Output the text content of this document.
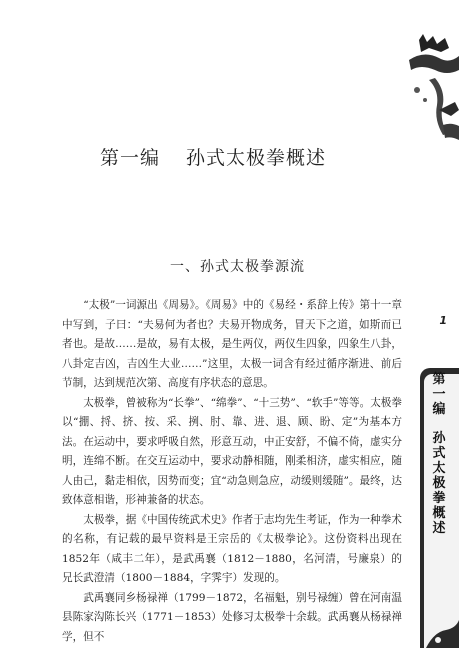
第一编 孙式太极拳概述
一、孙式太极拳源流

“太极”一词源出《周易》。《周易》中的《易经・系辞上传》第十一章中写到，子曰：“夫易何为者也？夫易开物成务，冒天下之道，如斯而已者也。是故……是故，易有太极，是生两仪，两仪生四象，四象生八卦，八卦定吉凶，吉凶生大业……”这里，太极一词含有经过循序渐进、前后节制，达到规范次第、高度有序状态的意思。

太极拳，曾被称为“长拳”、“绵拳”、“十三势”、“软手”等等。太极拳以“掤、捋、挤、按、采、挒、肘、靠、进、退、顾、盼、定”为基本方法。在运动中，要求呼吸自然，形意互动，中正安舒，不偏不倚，虚实分明，连绵不断。在交互运动中，要求动静相随，刚柔相济，虚实相应，随人由己，黏走相依，因势而变；宜“动急则急应，动缓则缓随”。最终，达致体意相谐，形神兼备的状态。

太极拳，据《中国传统武术史》作者于志均先生考证，作为一种拳术的名称，有记载的最早资料是王宗岳的《太极拳论》。这份资料出现在1852年（咸丰二年），是武禹襄（1812－1880，名河清，号廉泉）的兄长武澄清（1800－1884，字霁宇）发现的。

武禹襄同乡杨禄禅（1799－1872，名福魁，别号禄缠）曾在河南温县陈家沟陈长兴（1771－1853）处修习太极拳十余载。武禹襄从杨禄禅学，但不

1
第
一
编
孙
式
太
极
拳
概
述
